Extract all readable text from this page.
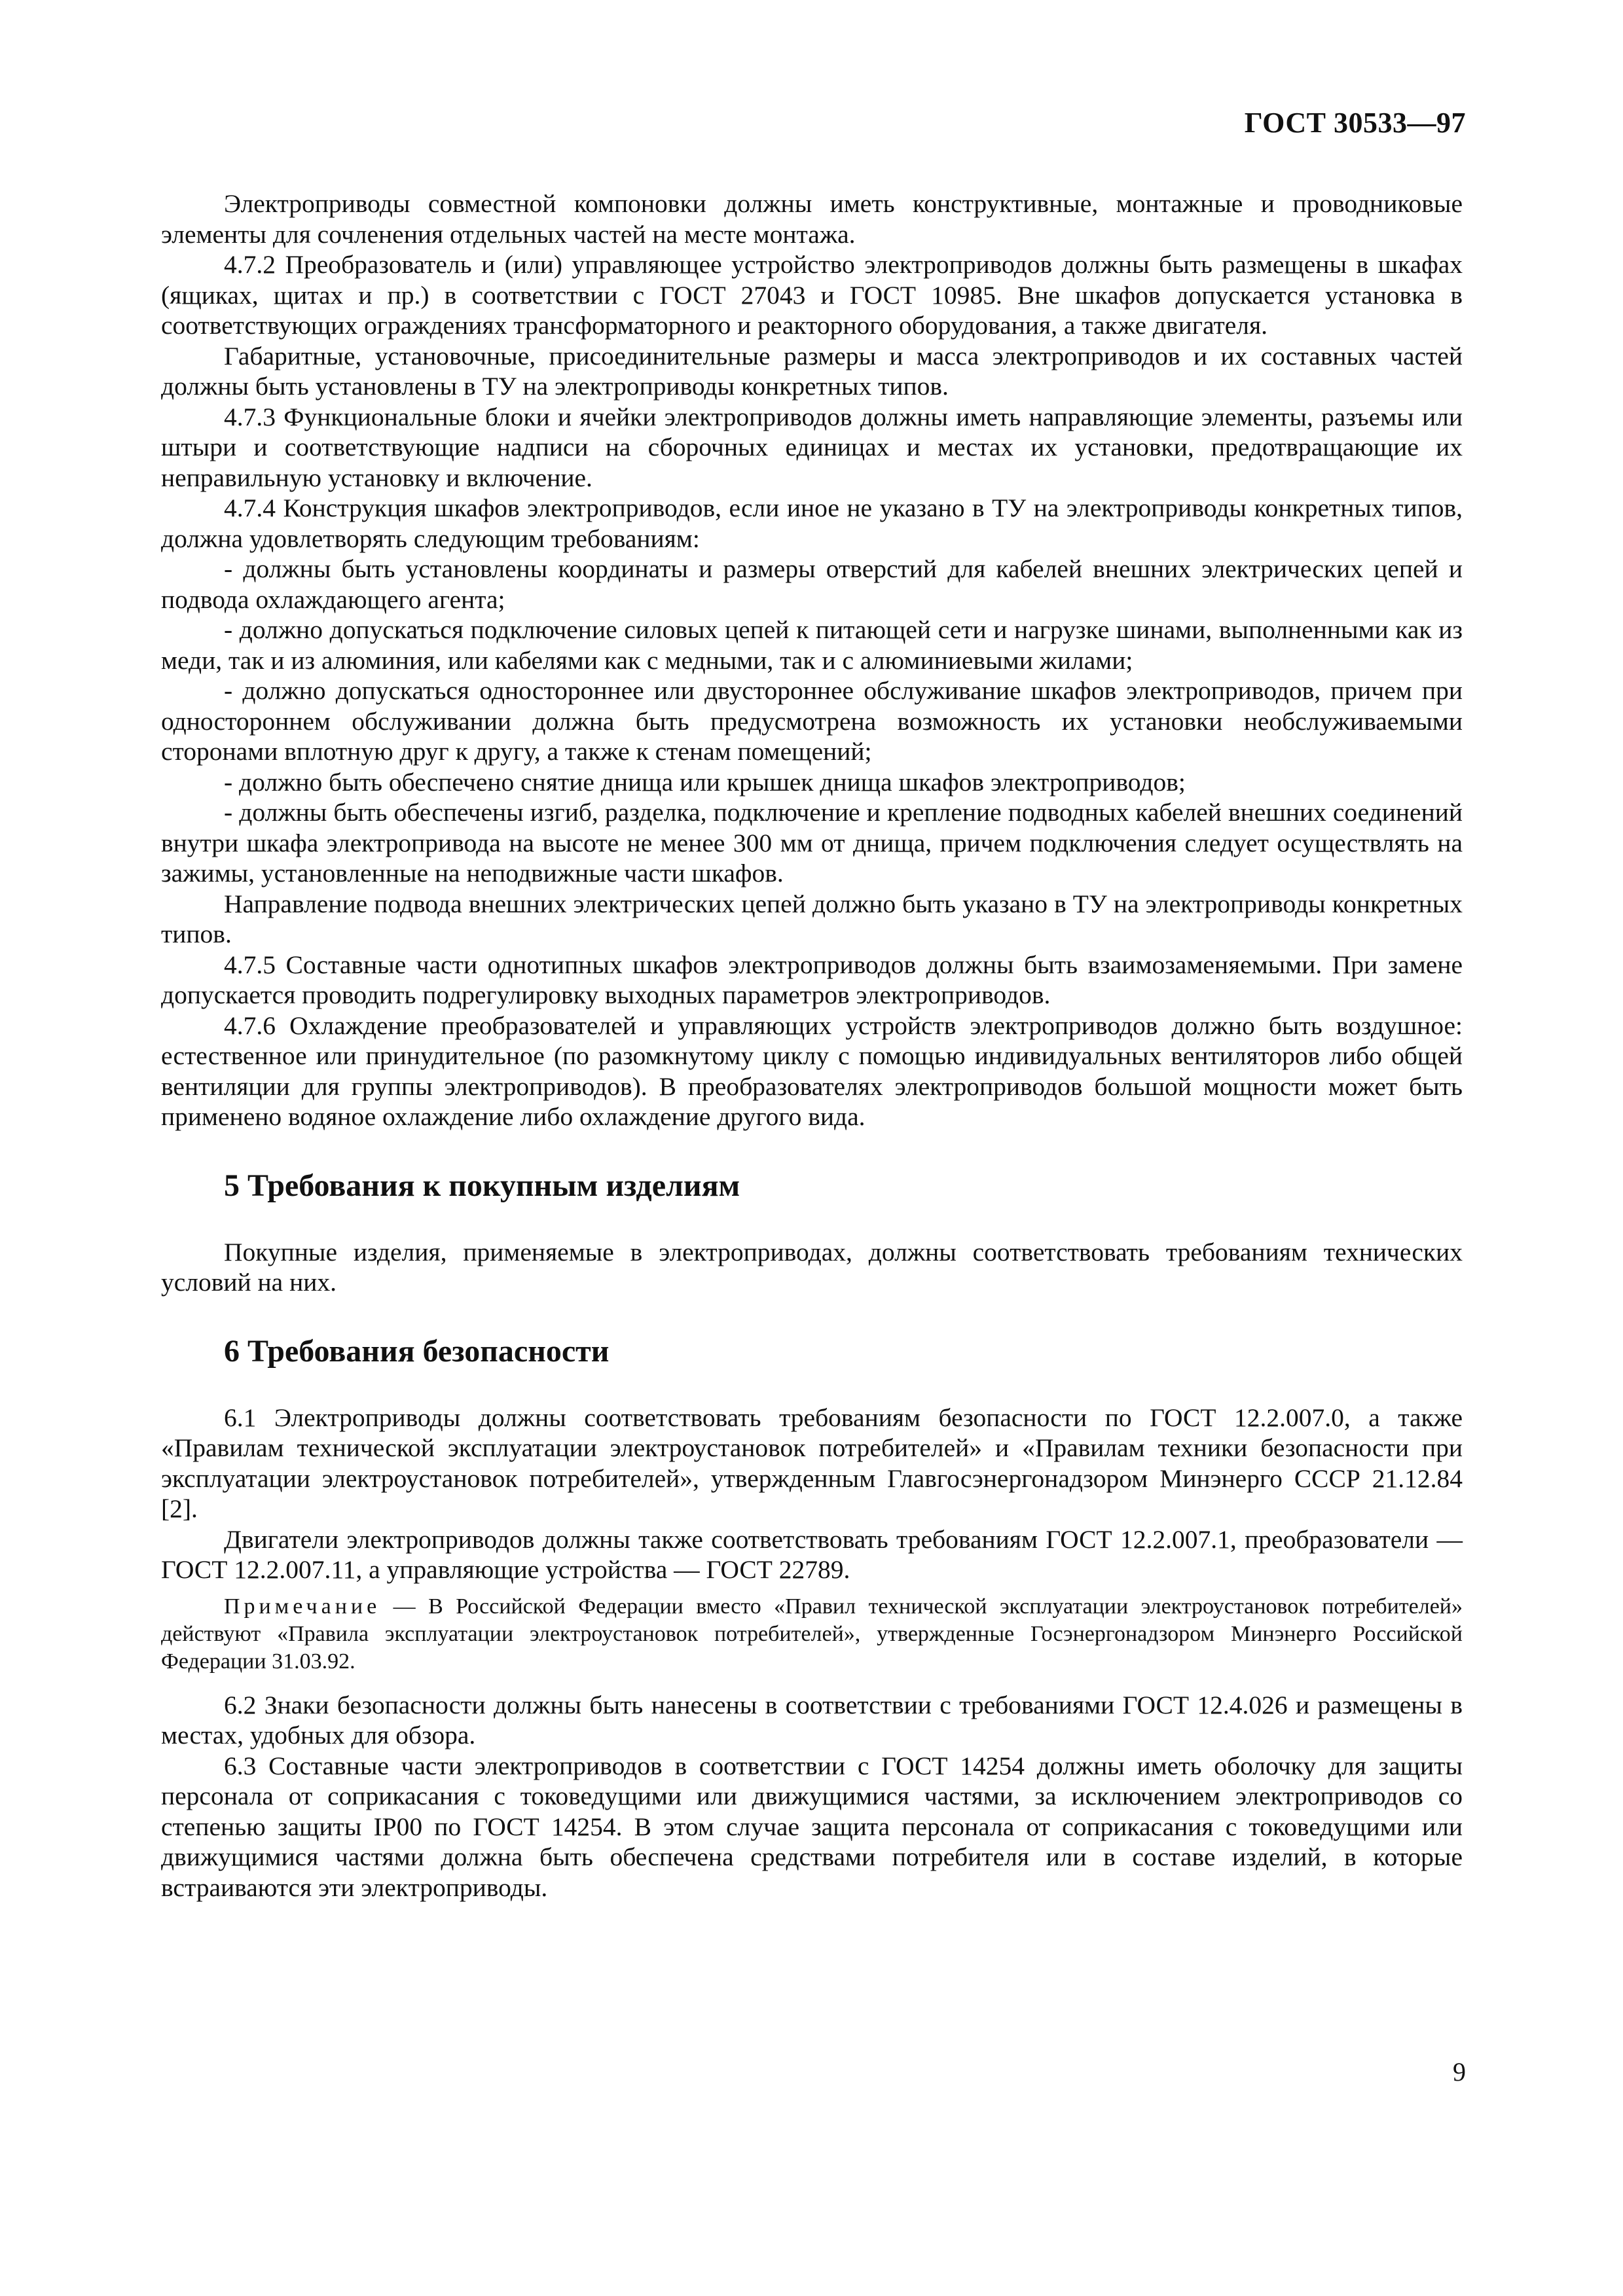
ГОСТ 30533—97

Электроприводы совместной компоновки должны иметь конструктивные, монтажные и проводниковые элементы для сочленения отдельных частей на месте монтажа.

4.7.2 Преобразователь и (или) управляющее устройство электроприводов должны быть размещены в шкафах (ящиках, щитах и пр.) в соответствии с ГОСТ 27043 и ГОСТ 10985. Вне шкафов допускается установка в соответствующих ограждениях трансформаторного и реакторного оборудования, а также двигателя.

Габаритные, установочные, присоединительные размеры и масса электроприводов и их составных частей должны быть установлены в ТУ на электроприводы конкретных типов.

4.7.3 Функциональные блоки и ячейки электроприводов должны иметь направляющие элементы, разъемы или штыри и соответствующие надписи на сборочных единицах и местах их установки, предотвращающие их неправильную установку и включение.

4.7.4 Конструкция шкафов электроприводов, если иное не указано в ТУ на электроприводы конкретных типов, должна удовлетворять следующим требованиям:

- должны быть установлены координаты и размеры отверстий для кабелей внешних электрических цепей и подвода охлаждающего агента;

- должно допускаться подключение силовых цепей к питающей сети и нагрузке шинами, выполненными как из меди, так и из алюминия, или кабелями как с медными, так и с алюминиевыми жилами;

- должно допускаться одностороннее или двустороннее обслуживание шкафов электроприводов, причем при одностороннем обслуживании должна быть предусмотрена возможность их установки необслуживаемыми сторонами вплотную друг к другу, а также к стенам помещений;

- должно быть обеспечено снятие днища или крышек днища шкафов электроприводов;

- должны быть обеспечены изгиб, разделка, подключение и крепление подводных кабелей внешних соединений внутри шкафа электропривода на высоте не менее 300 мм от днища, причем подключения следует осуществлять на зажимы, установленные на неподвижные части шкафов.

Направление подвода внешних электрических цепей должно быть указано в ТУ на электроприводы конкретных типов.

4.7.5 Составные части однотипных шкафов электроприводов должны быть взаимозаменяемыми. При замене допускается проводить подрегулировку выходных параметров электроприводов.

4.7.6 Охлаждение преобразователей и управляющих устройств электроприводов должно быть воздушное: естественное или принудительное (по разомкнутому циклу с помощью индивидуальных вентиляторов либо общей вентиляции для группы электроприводов). В преобразователях электроприводов большой мощности может быть применено водяное охлаждение либо охлаждение другого вида.

5 Требования к покупным изделиям

Покупные изделия, применяемые в электроприводах, должны соответствовать требованиям технических условий на них.

6 Требования безопасности

6.1 Электроприводы должны соответствовать требованиям безопасности по ГОСТ 12.2.007.0, а также «Правилам технической эксплуатации электроустановок потребителей» и «Правилам техники безопасности при эксплуатации электроустановок потребителей», утвержденным Главгосэнергонадзором Минэнерго СССР 21.12.84 [2].

Двигатели электроприводов должны также соответствовать требованиям ГОСТ 12.2.007.1, преобразователи — ГОСТ 12.2.007.11, а управляющие устройства — ГОСТ 22789.

Примечание — В Российской Федерации вместо «Правил технической эксплуатации электроустановок потребителей» действуют «Правила эксплуатации электроустановок потребителей», утвержденные Госэнергонадзором Минэнерго Российской Федерации 31.03.92.

6.2 Знаки безопасности должны быть нанесены в соответствии с требованиями ГОСТ 12.4.026 и размещены в местах, удобных для обзора.

6.3 Составные части электроприводов в соответствии с ГОСТ 14254 должны иметь оболочку для защиты персонала от соприкасания с токоведущими или движущимися частями, за исключением электроприводов со степенью защиты IP00 по ГОСТ 14254. В этом случае защита персонала от соприкасания с токоведущими или движущимися частями должна быть обеспечена средствами потребителя или в составе изделий, в которые встраиваются эти электроприводы.

9
